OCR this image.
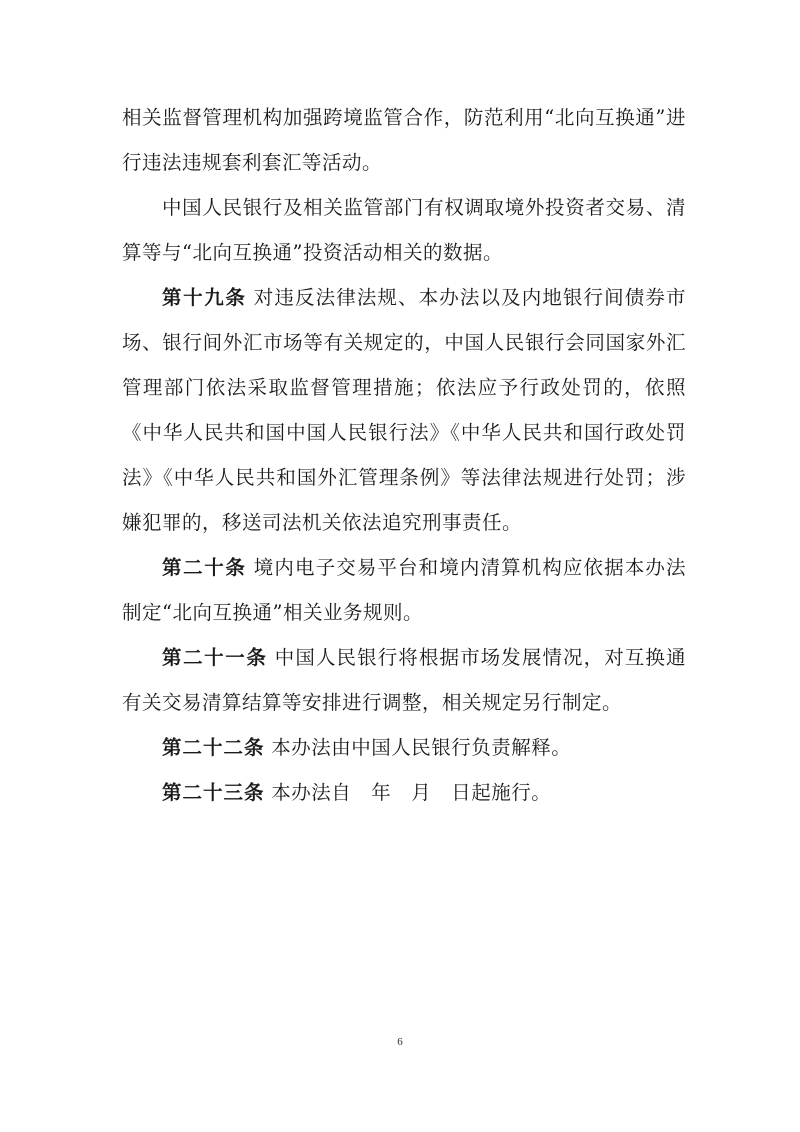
相关监督管理机构加强跨境监管合作，防范利用“北向互换通”进行违法违规套利套汇等活动。

中国人民银行及相关监管部门有权调取境外投资者交易、清算等与“北向互换通”投资活动相关的数据。

第十九条 对违反法律法规、本办法以及内地银行间债券市场、银行间外汇市场等有关规定的，中国人民银行会同国家外汇管理部门依法采取监督管理措施；依法应予行政处罚的，依照《中华人民共和国中国人民银行法》《中华人民共和国行政处罚法》《中华人民共和国外汇管理条例》等法律法规进行处罚；涉嫌犯罪的，移送司法机关依法追究刑事责任。

第二十条 境内电子交易平台和境内清算机构应依据本办法制定“北向互换通”相关业务规则。

第二十一条 中国人民银行将根据市场发展情况，对互换通有关交易清算结算等安排进行调整，相关规定另行制定。

第二十二条 本办法由中国人民银行负责解释。

第二十三条 本办法自　年　月　日起施行。

6
